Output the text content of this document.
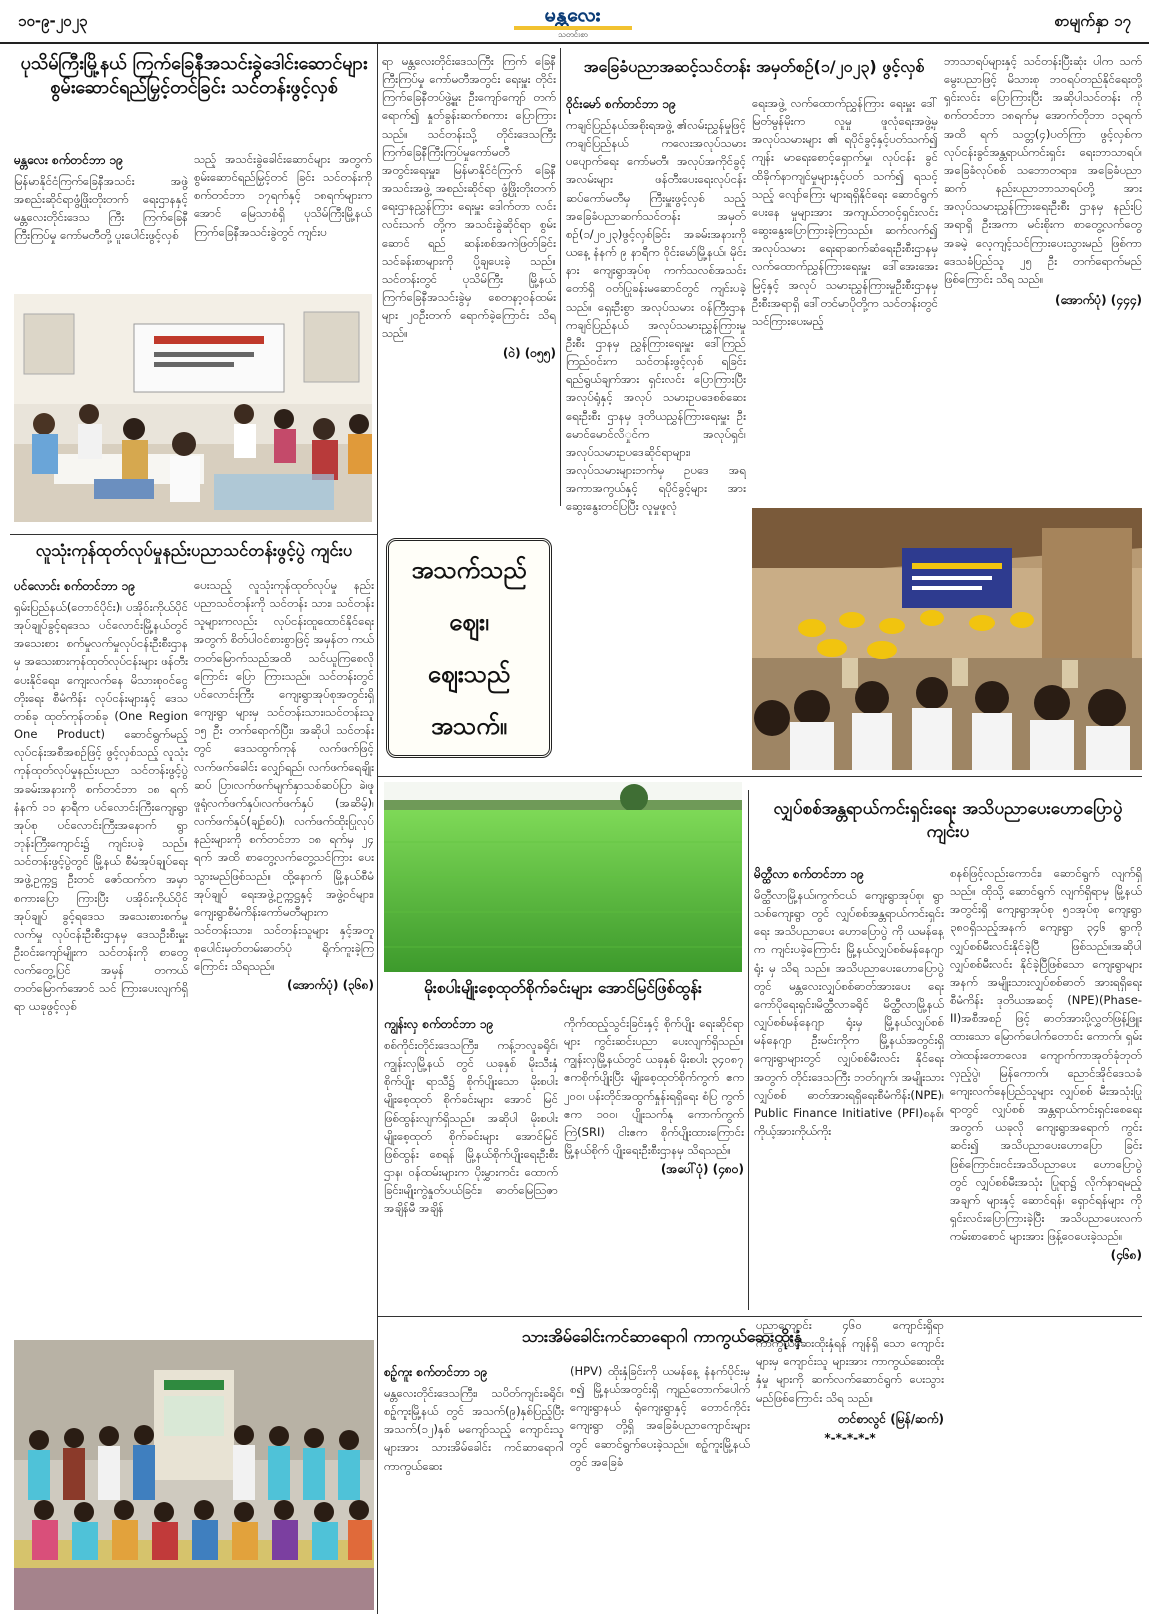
၁၀-၉-၂၀၂၃	မန္တလေး
သတင်းစာ
စာမျက်နှာ ၁၇
ပုသိမ်ကြီးမြို့နယ် ကြက်ခြေနီအသင်းခွဲဒေါင်းဆောင်များ စွမ်းဆောင်ရည်မြှင့်တင်ခြင်း သင်တန်းဖွင့်လှစ်
မန္တလေး စက်တင်ဘာ ၁၉
မြန်မာနိုင်ငံကြက်ခြေနီအသင်း အဖွဲ့ အစည်းဆိုင်ရာဖွံ့ဖြိုးတိုးတက် ရေးဌာနနှင့် မန္တလေးတိုင်းဒေသ ကြီး ကြက်ခြေနီကြီးကြပ်မှု ကော်မတီတို့ ပူးပေါင်းဖွင့်လှစ်
သည့် အသင်းခွဲခေါင်းဆောင်များ အတွက် စွမ်းဆောင်ရည်မြှင့်တင် ခြင်း သင်တန်းကို စက်တင်ဘာ ၁၇ရက်နှင့် ၁၈ရက်များက အောင် မြေသာစံရှိ ပုသိမ်ကြီးမြို့နယ် ကြက်ခြေနီအသင်းခွဲတွင် ကျင်းပ
ရာ မန္တလေးတိုင်းဒေသကြီး ကြက် ခြေနီကြီးကြပ်မှု ကော်မတီအတွင်း ရေးမှူး တိုင်းကြက်ခြေနီတပ်ဖွဲ့မှူး ဦးကျော်ကျော် တက်ရောက်၍ နှုတ်ခွန်းဆက်စကား ပြောကြား သည်။ သင်တန်းသို့ တိုင်းဒေသကြီး ကြက်ခြေနီကြီးကြပ်မှုကော်မတီ အတွင်းရေးမှူး၊ မြန်မာနိုင်ငံကြက် ခြေနီအသင်းအဖွဲ့ အစည်းဆိုင်ရာ ဖွံ့ဖြိုးတိုးတက်ရေးဌာနညွှန်ကြား ရေးမှူး ဒေါက်တာ လင်းလင်းသက် တို့က အသင်းခွဲဆိုင်ရာ စွမ်းဆောင် ရည် ဆန်းစစ်အကဲဖြတ်ခြင်း သင်ခန်းစာများကို ပို့ချပေးခဲ့ သည်။ သင်တန်းတွင် ပုသိမ်ကြီး မြို့နယ် ကြက်ခြေနီအသင်းခွဲမှ စေတနာ့ဝန်ထမ်းများ ၂၀ဦးတက် ရောက်ခဲ့ကြောင်း သိရသည်။
(ဝဲ) (၀၅၅)
အခြေခံပညာအဆင့်သင်တန်း အမှတ်စဉ်(၁/၂၀၂၃) ဖွင့်လှစ်
ဝိုင်းမော် စက်တင်ဘာ ၁၉
ကချင်ပြည်နယ်အစိုးရအဖွဲ့ ၏လမ်းညွှန်မှုဖြင့် ကချင်ပြည်နယ် ကလေးအလုပ်သမားပပျောက်ရေး ကော်မတီ၊ အလုပ်အကိုင်ခွင့် အလမ်းများ ဖန်တီးပေးရေးလုပ်ငန်း ဆပ်ကော်မတီမှ ကြီးမှူးဖွင့်လှစ် သည့် အခြေခံပညာဆက်သင်တန်း အမှတ်စဉ်(၁/၂၀၂၃)ဖွင့်လှစ်ခြင်း အခမ်းအနားကို ယနေ့ နံနက် ၉ နာရီက ဝိုင်းမော်မြို့နယ်၊ မိုင်းနား ကျေးရွာအုပ်စု ကက်သလစ်အသင်း တော်ရှိ ဝတ်ပြုခန်းမဆောင်တွင် ကျင်းပခဲ့သည်။ ရှေးဦးစွာ အလုပ်သမား ဝန်ကြီးဌာန ကချင်ပြည်နယ် အလုပ်သမားညွှန်ကြားမှုဦးစီး ဌာနမှ ညွှန်ကြားရေးမှူး ဒေါ်ကြည် ကြည်ဝင်းက သင်တန်းဖွင့်လှစ် ရခြင်းရည်ရွယ်ချက်အား ရှင်းလင်း ပြောကြားပြီး အလုပ်ရုံနှင့် အလုပ် သမားဥပဒေစစ်ဆေးရေးဦးစီး ဌာနမှ ဒုတိယညွှန်ကြားရေးမှူး ဦးမောင်မောင်လိှုင်က အလုပ်ရှင်၊ အလုပ်သမားဥပဒေဆိုင်ရာများ၊ အလုပ်သမားများဘက်မှ ဥပဒေ အရအကာအကွယ်နှင့် ရပိုင်ခွင့်များ အား ဆွေးနွေးတင်ပြပြီး လူမှုဖူလုံ
ရေးအဖွဲ့ လက်ထောက်ညွှန်ကြား ရေးမှူး ဒေါ်မြတ်မွန်မိုးက လူမှု ဖူလုံရေးအဖွဲ့မှ အလုပ်သမားများ ၏ ရပိုင်ခွင့်နှင့်ပတ်သက်၍ ကျန်း မာရေးစောင့်ရှောက်မှု၊ လုပ်ငန်း ခွင်ထိခိုက်နာကျင်မှုများနှင့်ပတ် သက်၍ ရသင့်သည့် လျော်ကြေး များရရှိနိုင်ရေး ဆောင်ရွက်ပေးနေ မှုများအား အကျယ်တဝင့်ရှင်းလင်း ဆွေးနွေးပြောကြားခဲ့ကြသည်။ ဆက်လက်၍ အလုပ်သမား ရေးရာဆက်ဆံရေးဦးစီးဌာနမှ လက်ထောက်ညွှန်ကြားရေးမှူး ဒေါ်အေးအေးမြင့်နှင့် အလုပ် သမားညွှန်ကြားမှုဦးစီးဌာနမှ ဦးစီးအရာရှိ ဒေါ်တင်မာပိုတို့က သင်တန်းတွင်သင်ကြားပေးမည့်
ဘာသာရပ်များနှင့် သင်တန်းပြီးဆုံး ပါက သက်မွေးပညာဖြင့် မိသားစု ဘဝရပ်တည်နိုင်ရေးတို့ ရှင်းလင်း ပြောကြားပြီး အဆိုပါသင်တန်း ကို စက်တင်ဘာ ၁၈ရက်မှ အောက်တိုဘာ ၁၃ရက်အထိ ရက် သတ္တ(၄)ပတ်ကြာ ဖွင့်လှစ်က လုပ်ငန်းခွင်အန္တရာယ်ကင်းရှင်း ရေးဘာသာရပ်၊ အခြေခံလုပ်စစ် သဘောတရား၊ အခြေခံပညာဆက် နည်းပညာဘာသာရပ်တို့ အား အလုပ်သမားညွှန်ကြားရေးဦးစီး ဌာနမှ နည်းပြအရာရှိ ဦးအကာ မင်းစိုးက စာတွေ့လက်တွေ့ အခမဲ့ လေ့ကျင့်သင်ကြားပေးသွားမည် ဖြစ်ကာ ဒေသခံပြည်သူ ၂၅ ဦး တက်ရောက်မည်ဖြစ်ကြောင်း သိရ သည်။
(အောက်ပုံ) (၄၄၄)
လူသုံးကုန်ထုတ်လုပ်မှုနည်းပညာသင်တန်းဖွင့်ပွဲ ကျင်းပ
ပင်လောင်း စက်တင်ဘာ ၁၉
ရှမ်းပြည်နယ်(တောင်ပိုင်း)၊ ပအိုဝ်းကိုယ်ပိုင်အုပ်ချုပ်ခွင့်ရဒေသ ပင်လောင်းမြို့နယ်တွင် အသေးစား စက်မှုလက်မှုလုပ်ငန်းဦးစီးဌာနမှ အသေးစားကုန်ထုတ်လုပ်ငန်းများ ဖန်တီးပေးနိုင်ရေး၊ ကျေးလက်နေ မိသားစုဝင်ငွေတိုးရေး စီမံကိန်း လုပ်ငန်းများနှင့် ဒေသတစ်ခု ထုတ်ကုန်တစ်ခု (One Region One Product) ဆောင်ရွက်မည့် လုပ်ငန်းအစီအစဉ်ဖြင့် ဖွင့်လှစ်သည့် လူသုံးကုန်ထုတ်လုပ်မှုနည်းပညာ သင်တန်းဖွင့်ပွဲ အခမ်းအနားကို စက်တင်ဘာ ၁၈ ရက် နံနက် ၁၁ နာရီက ပင်လောင်းကြီးကျေးရွာ အုပ်စု ပင်လောင်းကြီးအနောက် ရွာ ဘုန်းကြီးကျောင်း၌ ကျင်းပခဲ့ သည်။ သင်တန်းဖွင့်ပွဲတွင် မြို့နယ် စီမံအုပ်ချုပ်ရေးအဖွဲ့ဥက္ကဋ္ဌ ဦးတင် ဇော်ထက်က အမှာစကားပြော ကြားပြီး ပအိုဝ်းကိုယ်ပိုင်အုပ်ချုပ် ခွင့်ရဒေသ အသေးစားစက်မှုလက်မှု လုပ်ငန်းဦးစီးဌာနမှ ဒေသဦးစီးမှူး ဦးဝင်းကျော်မျိုးက သင်တန်းကို စာတွေ့ လက်တွေ့ပြင် အမှန် တကယ်တတ်မြောက်အောင် သင် ကြားပေးလျက်ရှိရာ ယခုဖွင့်လှစ်
ပေးသည့် လူသုံးကုန်ထုတ်လုပ်မှု နည်းပညာသင်တန်းကို သင်တန်း သား၊ သင်တန်းသူများကလည်း လုပ်ငန်းထူထောင်နိုင်ရေးအတွက် စိတ်ပါဝင်စားစွာဖြင့် အမှန်တ ကယ် တတ်မြောက်သည်အထိ သင်ယူကြစေလိုကြောင်း ပြော ကြားသည်။ သင်တန်းတွင် ပင်လောင်းကြီး ကျေးရွာအုပ်စုအတွင်းရှိ ကျေးရွာ များမှ သင်တန်းသား၊သင်တန်းသူ ၁၅ ဦး တက်ရောက်ပြီး၊ အဆိုပါ သင်တန်းတွင် ဒေသထွက်ကုန် လက်ဖက်ဖြင့် လက်ဖက်ခေါင်း လျှော်ရည်၊ လက်ဖက်ရေချိုးဆပ် ပြာ၊လက်ဖက်မျက်နှာသစ်ဆပ်ပြာ ခဲ၊ဖူဖူရုံလက်ဖက်နှပ်၊လက်ဖက်နှပ် (အဆိမ့်)၊ လက်ဖက်နှပ်(ချဉ်စပ်)၊ လက်ဖက်ထိုးပြုလုပ်နည်းများကို စက်တင်ဘာ ၁၈ ရက်မှ ၂၄ ရက် အထိ စာတွေ့လက်တွေ့သင်ကြား ပေးသွားမည်ဖြစ်သည်။ ထို့နောက် မြို့နယ်စီမံအုပ်ချုပ် ရေးအဖွဲ့ဥက္ကဋ္ဌနှင့် အဖွဲ့ဝင်များ၊ ကျေးရွာစီမံကိန်းကော်မတီများက သင်တန်းသား၊ သင်တန်းသူများ နှင့်အတူ စုပေါင်းမှတ်တမ်းဓာတ်ပုံ ရိုက်ကူးခဲ့ကြကြောင်း သိရသည်။
(အောက်ပုံ) (၃၆၈)
အသက်သည်
ဈေး၊
ဈေးသည်
အသက်။
မိုးစပါးမျိုးစေ့ထုတ်စိုက်ခင်းများ အောင်မြင်ဖြစ်ထွန်း
ကျွန်းလှ စက်တင်ဘာ ၁၉
စစ်ကိုင်းတိုင်းဒေသကြီး၊ ကန့်ဘလူခရိုင်၊ ကျွန်းလှမြို့နယ် တွင် ယခုနှစ် မိုးသီးနှံစိုက်ပျိုး ရာသီ၌ စိုက်ပျိုးသော မိုးစပါး မျိုးစေ့ထုတ် စိုက်ခင်းများ အောင် မြင်ဖြစ်ထွန်းလျက်ရှိသည်။ အဆိုပါ မိုးစပါးမျိုးစေ့ထုတ် စိုက်ခင်းများ အောင်မြင်ဖြစ်ထွန်း စေရန် မြို့နယ်စိုက်ပျိုးရေးဦးစီး ဌာန၊ ဝန်ထမ်းများက ပိုးမွှားကင်း ထောက်ခြင်း၊မျိုးကွဲနှုတ်ပယ်ခြင်း၊ ဓာတ်မြေသြဇာ အချိန်မီ အချိန်
ကိုက်ထည့်သွင်းခြင်းနှင့် စိုက်ပျိုး ရေးဆိုင်ရာများ ကွင်းဆင်းပညာ ပေးလျက်ရှိသည်။ ကျွန်းလှမြို့နယ်တွင် ယခုနှစ် မိုးစပါး ၃၄၀၈၇ ဧကစိုက်ပျိုးပြီး မျိုးစေ့ထုတ်စိုက်ကွက် ဧက ၂၀၀၊ ပန်းတိုင်အထွက်နှုန်းရရှိရေး စံပြ ကွက် ဧက ၁၀၀၊ ပျိုးသက်နု ကောက်ကွက်ကြဲ(SRI) ငါးဧက စိုက်ပျိုးထားကြောင်း မြို့နယ်စိုက် ပျိုးရေးဦးစီးဌာနမှ သိရသည်။
(အပေါ်ပုံ) (၄၈၀)
လျှပ်စစ်အန္တရာယ်ကင်းရှင်းရေး အသိပညာပေးဟောပြောပွဲ ကျင်းပ
မိတ္ထီလာ စက်တင်ဘာ ၁၉
မိတ္ထီလာမြို့နယ်၊ကွက်ငယ် ကျေးရွာအုပ်စု၊ ရွာသစ်ကျေးရွာ တွင် လျှပ်စစ်အန္တရာယ်ကင်းရှင်း ရေး အသိပညာပေး ဟောပြောပွဲ ကို ယမန်နေ့က ကျင်းပခဲ့ကြောင်း မြို့နယ်လျှပ်စစ်မန်နေဂျာရုံး မှ သိရ သည်။ အသိပညာပေးဟောပြောပွဲ တွင် မန္တလေးလျှပ်စစ်ဓာတ်အားပေး ရေးကော်ပိုရေးရှင်း၊မိတ္ထီလာခရိုင် မိတ္ထီလာမြို့နယ်လျှပ်စစ်မန်နေဂျာ ရုံးမှ မြို့နယ်လျှပ်စစ်မန်နေဂျာ ဦးမင်းကိုက မြို့နယ်အတွင်းရှိ ကျေးရွာများတွင် လျှပ်စစ်မီးလင်း နိုင်ရေးအတွက် တိုင်းဒေသကြီး ဘတ်ဂျက်၊ အမျိုးသားလျှပ်စစ် ဓာတ်အားရရှိရေးစီမံကိန်း(NPE)၊ Public Finance Initiative (PFI)စနစ်၊ ကိုယ့်အားကိုယ်ကိုး
စနစ်ဖြင့်လည်းကောင်း၊ ဆောင်ရွက် လျက်ရှိသည်။ ထိုသို့ ဆောင်ရွက် လျက်ရှိရာမှ မြို့နယ်အတွင်းရှိ ကျေးရွာအုပ်စု ၅၁အုပ်စု ကျေးရွာ ၃၈၀ရှိသည့်အနက် ကျေးရွာ ၃၄၆ ရွာကို လျှပ်စစ်မီးလင်းနိုင်ခဲ့ပြီ ဖြစ်သည်။အဆိုပါလျှပ်စစ်မီးလင်း နိုင်ခဲ့ပြီဖြစ်သော ကျေးရွာများ အနက် အမျိုးသားလျှပ်စစ်ဓာတ် အားရရှိရေးစီမံကိန်း ဒုတိယအဆင့် (NPE)(Phase-II)အစီအစဉ် ဖြင့် ဓာတ်အားပို့လွှတ်ဖြန့်ဖြူး ထားသော မြောက်ပေါက်တောင်း ကောက်၊ ရှမ်းတဲ၊ထန်းတောလေး၊ ကျောက်ကာအုတ်ခုံဘုတ်လှည့်ပွဲ၊ မြန်ကောက်၊ ညောင်အိုင်ဒေသခံ ကျေးလက်နေပြည်သူများ လျှပ်စစ် မီးအသုံးပြုရာတွင် လျှပ်စစ် အန္တရာယ်ကင်းရှင်းစေရေးအတွက် ယခုလို ကျေးရွာအရောက် ကွင်း ဆင်း၍ အသိပညာပေးဟောပြော ခြင်းဖြစ်ကြောင်း၊ငင်းအသိပညာပေး ဟောပြောပွဲတွင် လျှပ်စစ်မီးအသုံး ပြုရာ၌ လိုက်နာရမည့် အချက် များနှင့် ဆောင်ရန်၊ ရှောင်ရန်များ ကို ရှင်းလင်းပြောကြားခဲ့ပြီး အသိပညာပေးလက်ကမ်းစာစောင် များအား ဖြန့်ဝေပေးခဲ့သည်။
(၄၆၈)
သားအိမ်ခေါင်းကင်ဆာရောဂါ ကာကွယ်ဆေးထိုးနှံ
စဉ့်ကူး စက်တင်ဘာ ၁၉
မန္တလေးတိုင်းဒေသကြီး၊ သပိတ်ကျင်းခရိုင်၊ စဉ့်ကူးမြို့နယ် တွင် အသက်(၉)နှစ်ပြည့်ပြီး အသက်(၁၂)နှစ် မကျော်သည့် ကျောင်းသူများအား သားအိမ်ခေါင်း ကင်ဆာရောဂါ ကာကွယ်ဆေး
(HPV) ထိုးနှံခြင်းကို ယမန်နေ့ နံနက်ပိုင်းမှစ၍ မြို့နယ်အတွင်းရှိ ကျည်တောက်ပေါက်ကျေးရွာနယ် ရုံကျေးရွာနှင့် တောင်ကိုင်းကျေးရွာ တို့ရှိ အခြေခံပညာကျောင်းများ တွင် ဆောင်ရွက်ပေးခဲ့သည်။ စဉ့်ကူးမြို့နယ်တွင် အခြေခံ
ပညာကျောင်း ၄၆၀ ကျောင်းရှိရာ ကာကွယ်ဆေးထိုးနှံရန် ကျန်ရှိ သော ကျောင်းများမှ ကျောင်းသူ များအား ကာကွယ်ဆေးထိုးနှံမှု များကို ဆက်လက်ဆောင်ရွက် ပေးသွားမည်ဖြစ်ကြောင်း သိရ သည်။
တင်စာလွင် (မြန်/ဆက်)
*-*-*-*-*
